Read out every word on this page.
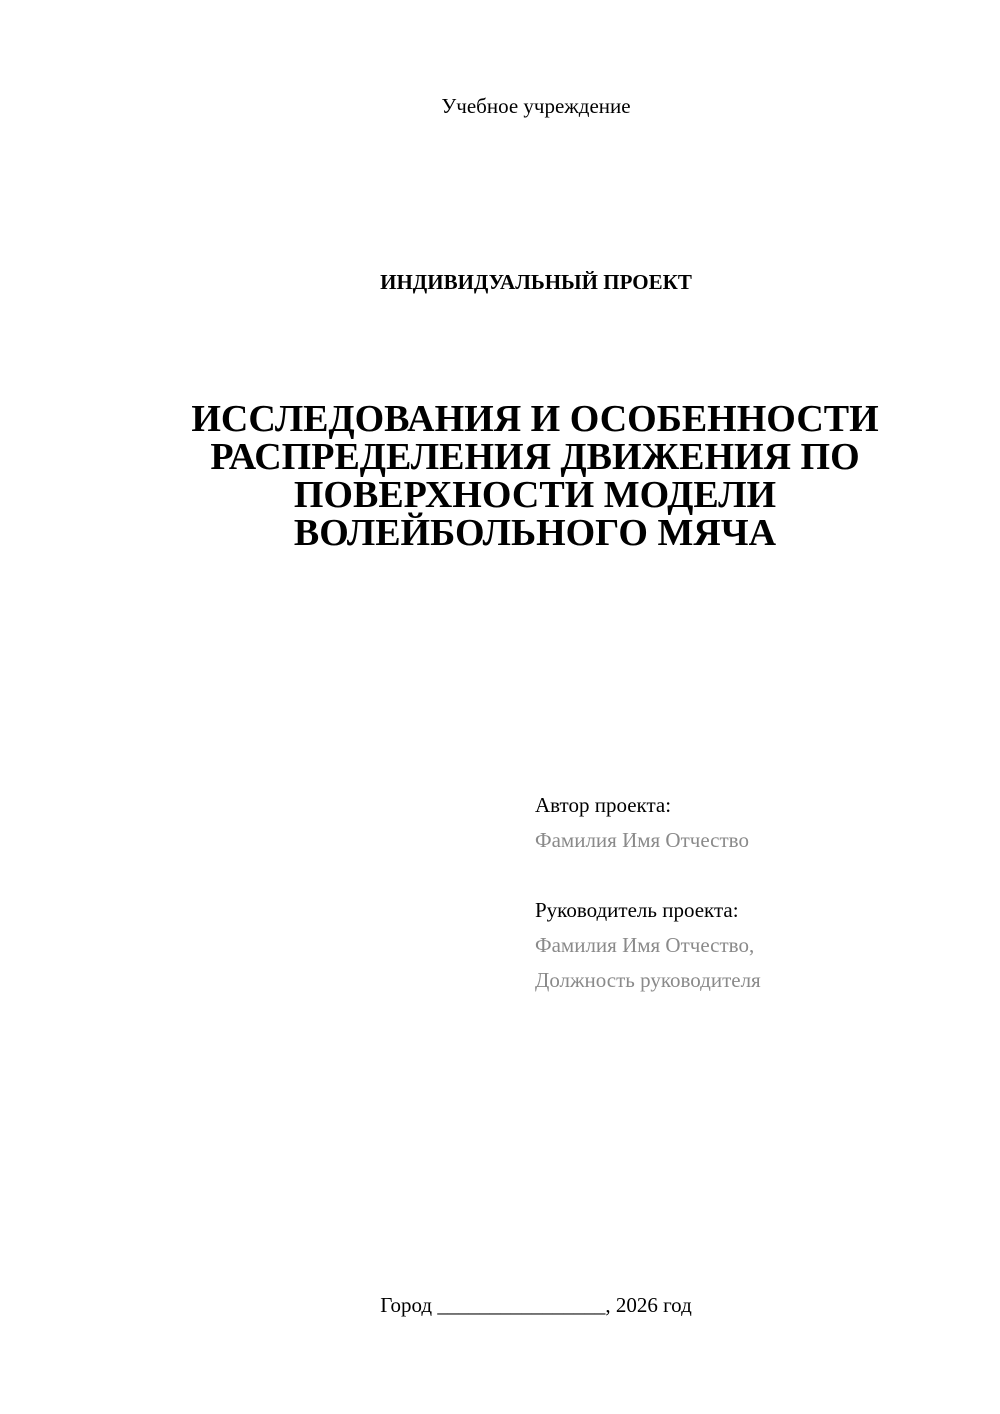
Учебное учреждение
ИНДИВИДУАЛЬНЫЙ ПРОЕКТ
ИССЛЕДОВАНИЯ И ОСОБЕННОСТИ
РАСПРЕДЕЛЕНИЯ ДВИЖЕНИЯ ПО
ПОВЕРХНОСТИ МОДЕЛИ
ВОЛЕЙБОЛЬНОГО МЯЧА
Автор проекта:
Фамилия Имя Отчество
Руководитель проекта:
Фамилия Имя Отчество,
Должность руководителя
Город ________________, 2026 год
